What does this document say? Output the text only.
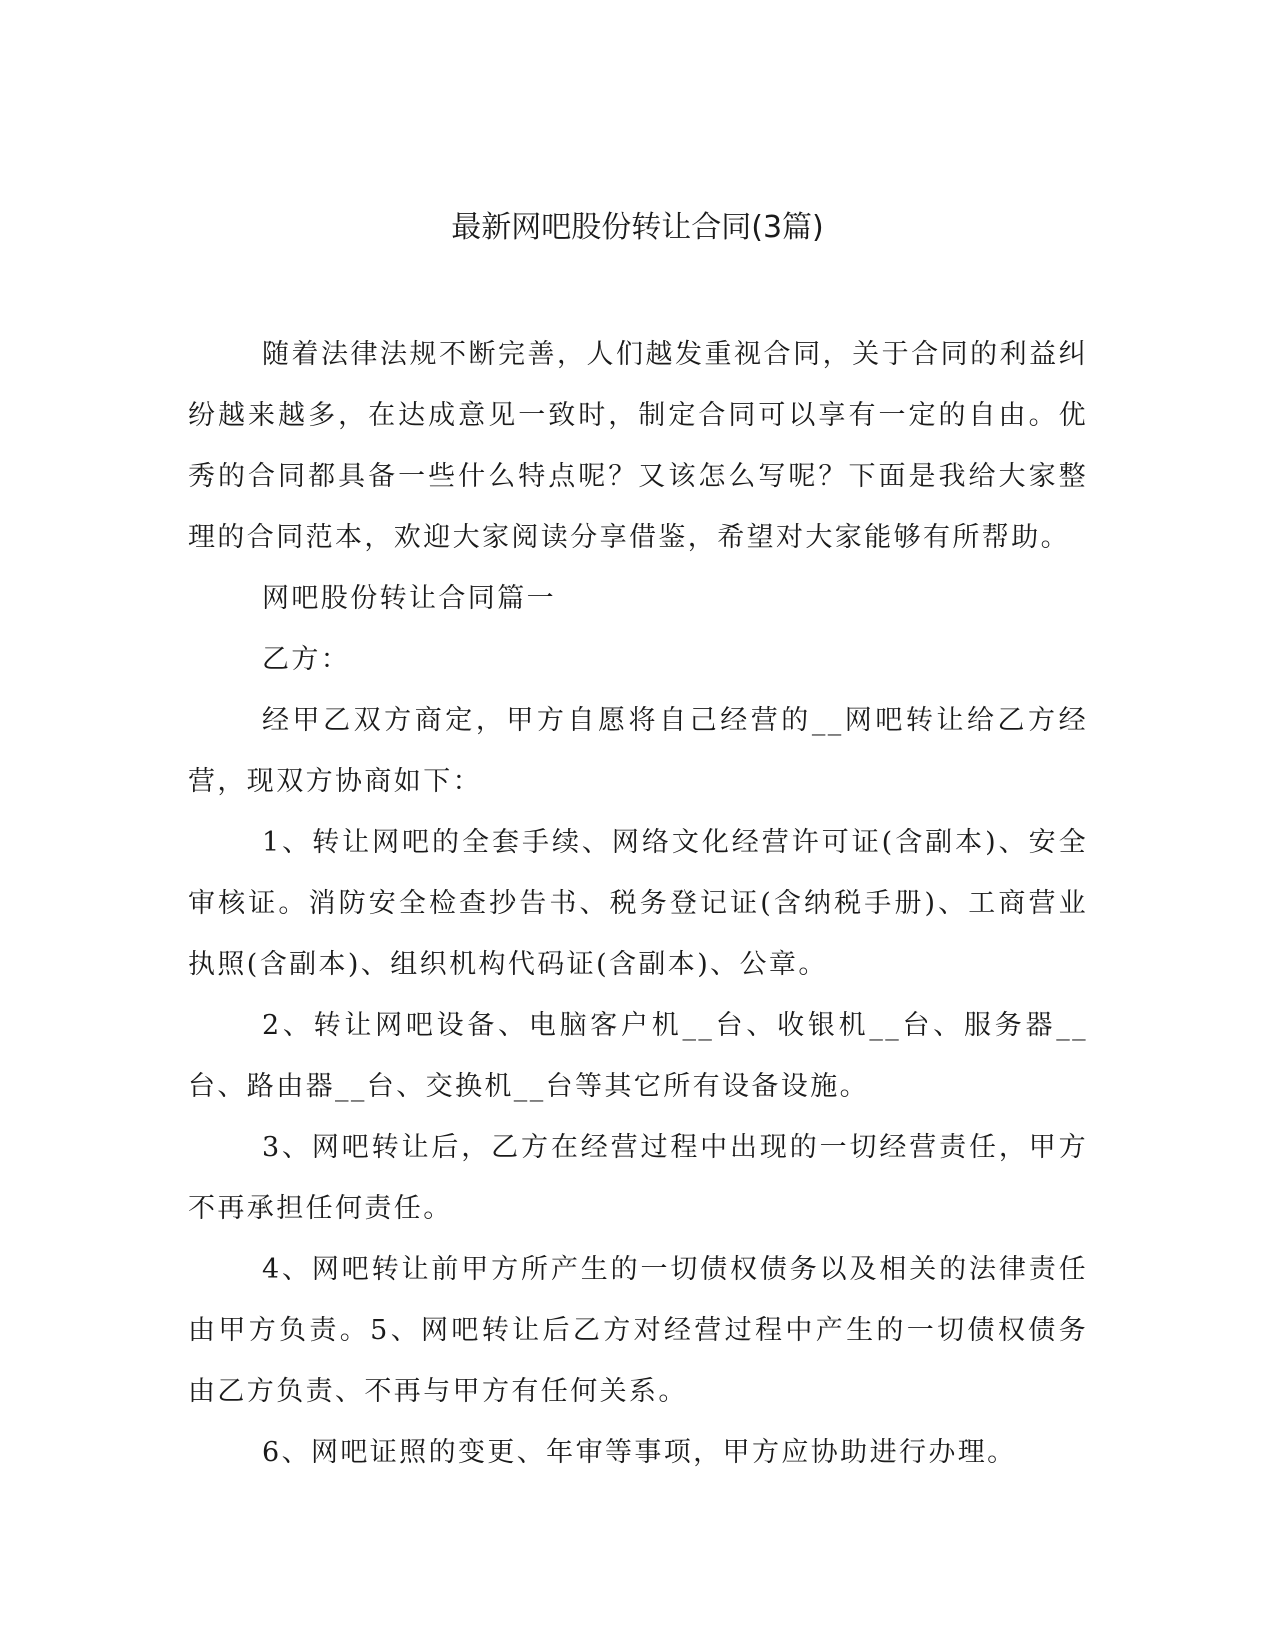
最新网吧股份转让合同(3篇)

随着法律法规不断完善，人们越发重视合同，关于合同的利益纠纷越来越多，在达成意见一致时，制定合同可以享有一定的自由。优秀的合同都具备一些什么特点呢？又该怎么写呢？下面是我给大家整理的合同范本，欢迎大家阅读分享借鉴，希望对大家能够有所帮助。

网吧股份转让合同篇一

乙方：

经甲乙双方商定，甲方自愿将自己经营的__网吧转让给乙方经营，现双方协商如下：

1、转让网吧的全套手续、网络文化经营许可证(含副本)、安全审核证。消防安全检查抄告书、税务登记证(含纳税手册)、工商营业执照(含副本)、组织机构代码证(含副本)、公章。

2、转让网吧设备、电脑客户机__台、收银机__台、服务器__台、路由器__台、交换机__台等其它所有设备设施。

3、网吧转让后，乙方在经营过程中出现的一切经营责任，甲方不再承担任何责任。

4、网吧转让前甲方所产生的一切债权债务以及相关的法律责任由甲方负责。5、网吧转让后乙方对经营过程中产生的一切债权债务由乙方负责、不再与甲方有任何关系。

6、网吧证照的变更、年审等事项，甲方应协助进行办理。
